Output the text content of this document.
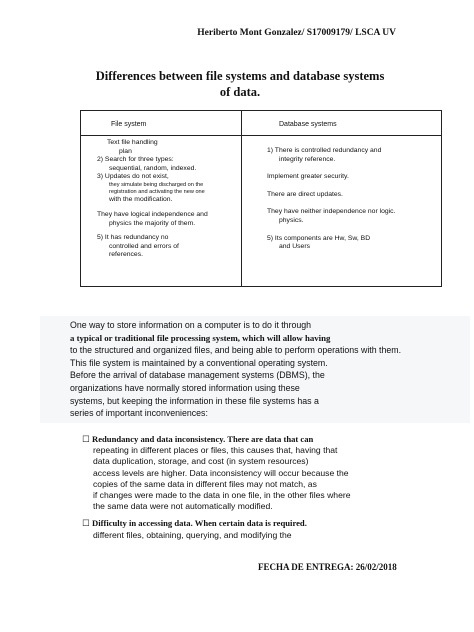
Heriberto Mont Gonzalez/ S17009179/ LSCA UV
Differences between file systems and database systems
of data.
File system	Database systems

Text file handling

plan

2) Search for three types:

sequential, random, indexed.

3) Updates do not exist,

they simulate being discharged on the

registration and activating the new one

with the modification.

They have logical independence and

physics the majority of them.

5) It has redundancy no

controlled and errors of

references.

1) There is controlled redundancy and

integrity reference.

Implement greater security.

There are direct updates.

They have neither independence nor logic.

physics.

5) Its components are Hw, Sw, BD

and Users

One way to store information on a computer is to do it through

a typical or traditional file processing system, which will allow having

to the structured and organized files, and being able to perform operations with them.

This file system is maintained by a conventional operating system.

Before the arrival of database management systems (DBMS), the

organizations have normally stored information using these

systems, but keeping the information in these file systems has a

series of important inconveniences:

☐ Redundancy and data inconsistency. There are data that can

repeating in different places or files, this causes that, having that

data duplication, storage, and cost (in system resources)

access levels are higher. Data inconsistency will occur because the

copies of the same data in different files may not match, as

if changes were made to the data in one file, in the other files where

the same data were not automatically modified.

☐ Difficulty in accessing data. When certain data is required.

different files, obtaining, querying, and modifying the

FECHA DE ENTREGA: 26/02/2018
